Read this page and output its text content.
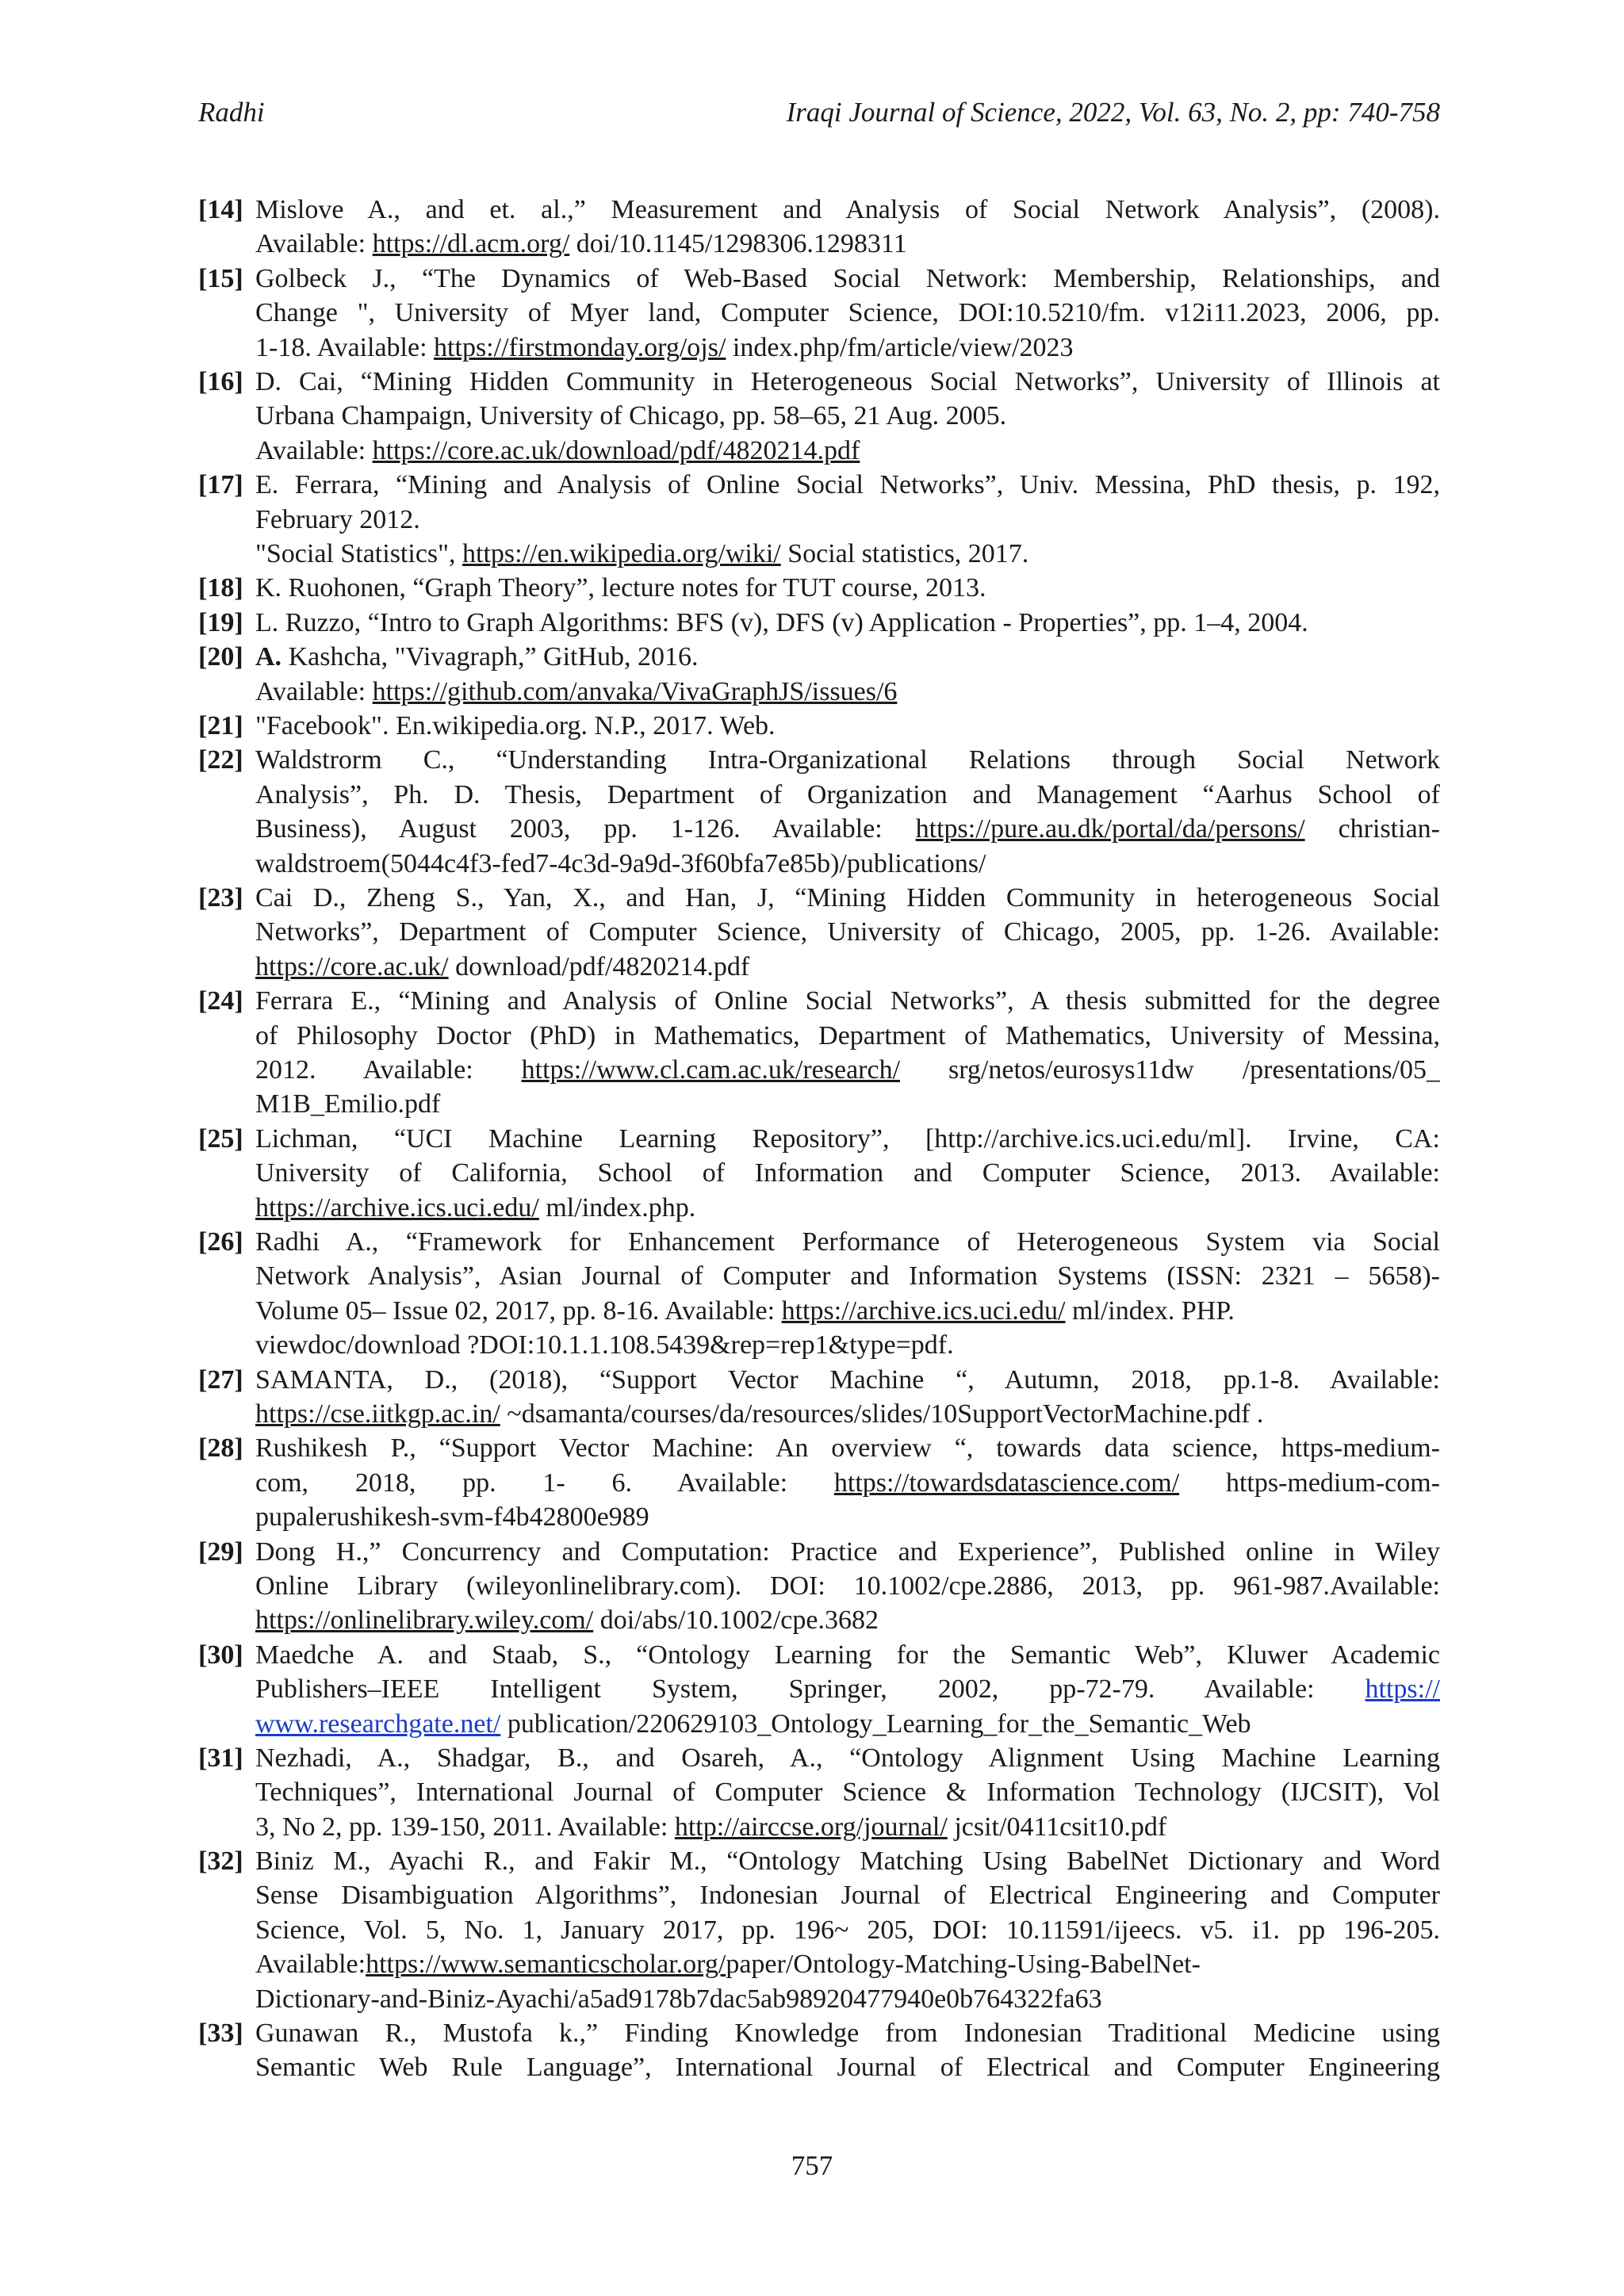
Radhi	Iraqi Journal of Science, 2022, Vol. 63, No. 2, pp: 740-758
[14] Mislove A., and et. al.,” Measurement and Analysis of Social Network Analysis”, (2008).
Available: https://dl.acm.org/ doi/10.1145/1298306.1298311
[15] Golbeck J., “The Dynamics of Web-Based Social Network: Membership, Relationships, and
Change ", University of Myer land, Computer Science, DOI:10.5210/fm. v12i11.2023, 2006, pp.
1-18. Available: https://firstmonday.org/ojs/ index.php/fm/article/view/2023
[16] D. Cai, “Mining Hidden Community in Heterogeneous Social Networks”, University of Illinois at
Urbana Champaign, University of Chicago, pp. 58–65, 21 Aug. 2005.
Available: https://core.ac.uk/download/pdf/4820214.pdf
[17] E. Ferrara, “Mining and Analysis of Online Social Networks”, Univ. Messina, PhD thesis, p. 192,
February 2012.
"Social Statistics", https://en.wikipedia.org/wiki/ Social statistics, 2017.
[18] K. Ruohonen, “Graph Theory”, lecture notes for TUT course, 2013.
[19] L. Ruzzo, “Intro to Graph Algorithms: BFS (v), DFS (v) Application - Properties”, pp. 1–4, 2004.
[20] A. Kashcha, "Vivagraph,” GitHub, 2016.
Available: https://github.com/anvaka/VivaGraphJS/issues/6
[21] "Facebook". En.wikipedia.org. N.P., 2017. Web.
[22] Waldstrorm C., “Understanding Intra-Organizational Relations through Social Network
Analysis”, Ph. D. Thesis, Department of Organization and Management “Aarhus School of
Business), August 2003, pp. 1-126. Available: https://pure.au.dk/portal/da/persons/ christian-
waldstroem(5044c4f3-fed7-4c3d-9a9d-3f60bfa7e85b)/publications/
[23] Cai D., Zheng S., Yan, X., and Han, J, “Mining Hidden Community in heterogeneous Social
Networks”, Department of Computer Science, University of Chicago, 2005, pp. 1-26. Available:
https://core.ac.uk/ download/pdf/4820214.pdf
[24] Ferrara E., “Mining and Analysis of Online Social Networks”, A thesis submitted for the degree
of Philosophy Doctor (PhD) in Mathematics, Department of Mathematics, University of Messina,
2012. Available: https://www.cl.cam.ac.uk/research/ srg/netos/eurosys11dw /presentations/05_
M1B_Emilio.pdf
[25] Lichman, “UCI Machine Learning Repository”, [http://archive.ics.uci.edu/ml]. Irvine, CA:
University of California, School of Information and Computer Science, 2013. Available:
https://archive.ics.uci.edu/ ml/index.php.
[26] Radhi A., “Framework for Enhancement Performance of Heterogeneous System via Social
Network Analysis”, Asian Journal of Computer and Information Systems (ISSN: 2321 – 5658)-
Volume 05– Issue 02, 2017, pp. 8-16. Available: https://archive.ics.uci.edu/ ml/index. PHP.
viewdoc/download ?DOI:10.1.1.108.5439&rep=rep1&type=pdf.
[27] SAMANTA, D., (2018), “Support Vector Machine “, Autumn, 2018, pp.1-8. Available:
https://cse.iitkgp.ac.in/ ~dsamanta/courses/da/resources/slides/10SupportVectorMachine.pdf .
[28] Rushikesh P., “Support Vector Machine: An overview “, towards data science, https-medium-
com, 2018, pp. 1- 6. Available: https://towardsdatascience.com/ https-medium-com-
pupalerushikesh-svm-f4b42800e989
[29] Dong H.,” Concurrency and Computation: Practice and Experience”, Published online in Wiley
Online Library (wileyonlinelibrary.com). DOI: 10.1002/cpe.2886, 2013, pp. 961-987.Available:
https://onlinelibrary.wiley.com/ doi/abs/10.1002/cpe.3682
[30] Maedche A. and Staab, S., “Ontology Learning for the Semantic Web”, Kluwer Academic
Publishers–IEEE Intelligent System, Springer, 2002, pp-72-79. Available: https://
www.researchgate.net/ publication/220629103_Ontology_Learning_for_the_Semantic_Web
[31] Nezhadi, A., Shadgar, B., and Osareh, A., “Ontology Alignment Using Machine Learning
Techniques”, International Journal of Computer Science & Information Technology (IJCSIT), Vol
3, No 2, pp. 139-150, 2011. Available: http://airccse.org/journal/ jcsit/0411csit10.pdf
[32] Biniz M., Ayachi R., and Fakir M., “Ontology Matching Using BabelNet Dictionary and Word
Sense Disambiguation Algorithms”, Indonesian Journal of Electrical Engineering and Computer
Science, Vol. 5, No. 1, January 2017, pp. 196~ 205, DOI: 10.11591/ijeecs. v5. i1. pp 196-205.
Available:https://www.semanticscholar.org/paper/Ontology-Matching-Using-BabelNet-
Dictionary-and-Biniz-Ayachi/a5ad9178b7dac5ab98920477940e0b764322fa63
[33] Gunawan R., Mustofa k.,” Finding Knowledge from Indonesian Traditional Medicine using
Semantic Web Rule Language”, International Journal of Electrical and Computer Engineering
757
